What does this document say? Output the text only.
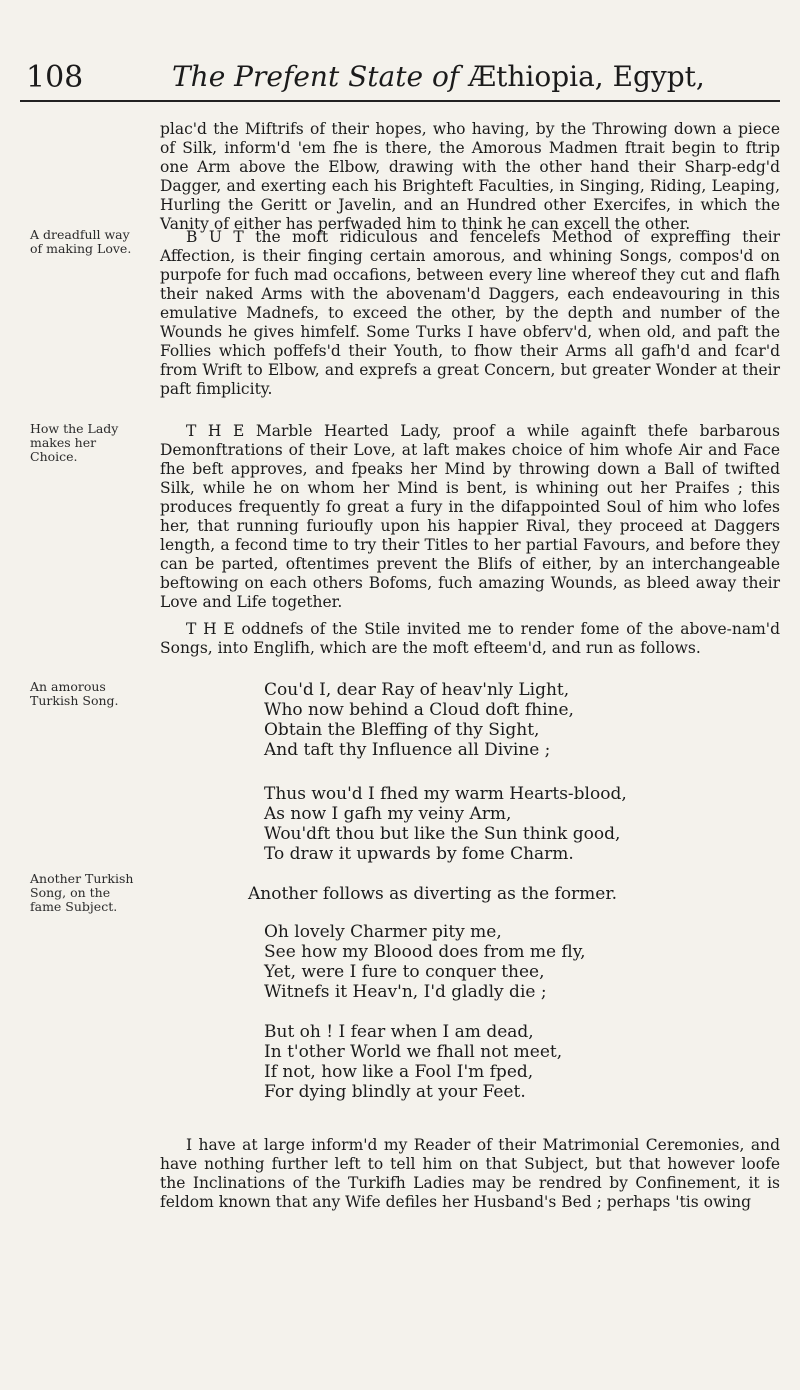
108	The Prefent State of Æthiopia, Egypt,
A dreadfull way of making Love.
How the Lady makes her Choice.
An amorous Turkish Song.
Another Turkish Song, on the fame Subject.

plac'd the Miftrifs of their hopes, who having, by the Throwing down a piece of Silk, inform'd 'em fhe is there, the Amorous Madmen ftrait begin to ftrip one Arm above the Elbow, drawing with the other hand their Sharp-edg'd Dagger, and exerting each his Brighteft Faculties, in Singing, Riding, Leaping, Hurling the Geritt or Javelin, and an Hundred other Exercifes, in which the Vanity of either has perfwaded him to think he can excell the other.

B U T the moft ridiculous and fencelefs Method of expreffing their Affection, is their finging certain amorous, and whining Songs, compos'd on purpofe for fuch mad occafions, between every line whereof they cut and flafh their naked Arms with the abovenam'd Daggers, each endeavouring in this emulative Madnefs, to exceed the other, by the depth and number of the Wounds he gives himfelf. Some Turks I have obferv'd, when old, and paft the Follies which poffefs'd their Youth, to fhow their Arms all gafh'd and fcar'd from Wrift to Elbow, and exprefs a great Concern, but greater Wonder at their paft fimplicity.

T H E Marble Hearted Lady, proof a while againft thefe barbarous Demonftrations of their Love, at laft makes choice of him whofe Air and Face fhe beft approves, and fpeaks her Mind by throwing down a Ball of twifted Silk, while he on whom her Mind is bent, is whining out her Praifes ; this produces frequently fo great a fury in the difappointed Soul of him who lofes her, that running furioufly upon his happier Rival, they proceed at Daggers length, a fecond time to try their Titles to her partial Favours, and before they can be parted, oftentimes prevent the Blifs of either, by an interchangeable beftowing on each others Bofoms, fuch amazing Wounds, as bleed away their Love and Life together.

T H E oddnefs of the Stile invited me to render fome of the above-nam'd Songs, into Englifh, which are the moft efteem'd, and run as follows.

Cou'd I, dear Ray of heav'nly Light,
Who now behind a Cloud doft fhine,
Obtain the Bleffing of thy Sight,
And taft thy Influence all Divine ;
Thus wou'd I fhed my warm Hearts-blood,
As now I gafh my veiny Arm,
Wou'dft thou but like the Sun think good,
To draw it upwards by fome Charm.
Another follows as diverting as the former.
Oh lovely Charmer pity me,
See how my Bloood does from me fly,
Yet, were I fure to conquer thee,
Witnefs it Heav'n, I'd gladly die ;
But oh ! I fear when I am dead,
In t'other World we fhall not meet,
If not, how like a Fool I'm fped,
For dying blindly at your Feet.

I have at large inform'd my Reader of their Matrimonial Ceremonies, and have nothing further left to tell him on that Subject, but that however loofe the Inclinations of the Turkifh Ladies may be rendred by Confinement, it is feldom known that any Wife defiles her Husband's Bed ; perhaps 'tis owing
